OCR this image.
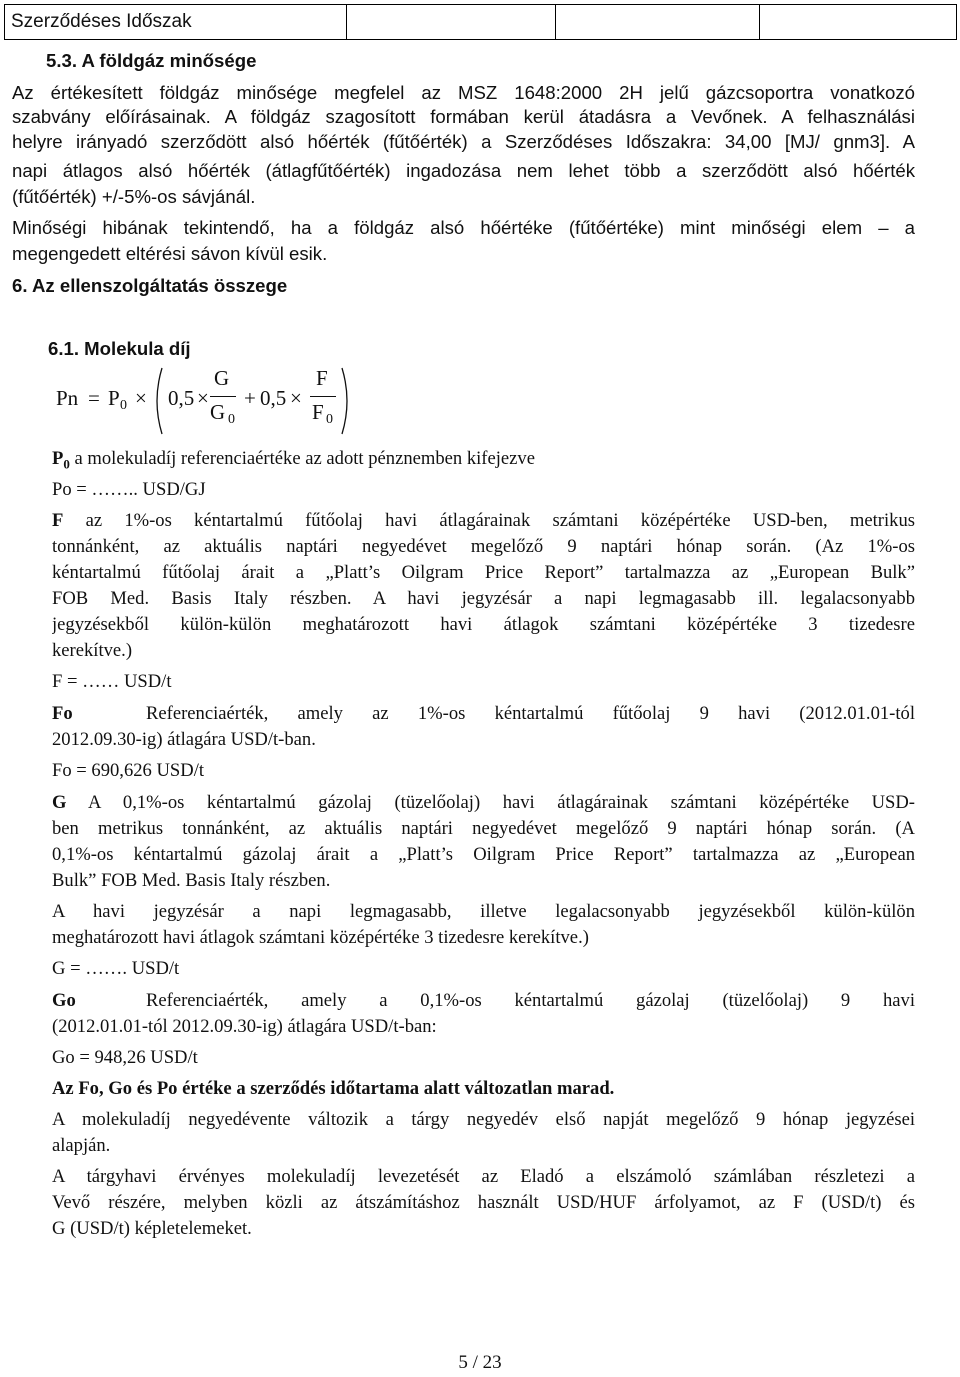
Szerződéses Időszak			
5.3. A földgáz minősége
Az értékesített földgáz minősége megfelel az MSZ 1648:2000 2H jelű gázcsoportra vonatkozó
szabvány előírásainak. A földgáz szagosított formában kerül átadásra a Vevőnek. A felhasználási
helyre irányadó szerződött alsó hőérték (fűtőérték) a Szerződéses Időszakra: 34,00 [MJ/ gnm3]. A
napi átlagos alsó hőérték (átlagfűtőérték) ingadozása nem lehet több a szerződött alsó hőérték
(fűtőérték) +/-5%-os sávjánál.
Minőségi hibának tekintendő, ha a földgáz alsó hőértéke (fűtőértéke) mint minőségi elem – a
megengedett eltérési sávon kívül esik.
6. Az ellenszolgáltatás összege
6.1. Molekula díj
Pn = P 0 × 0,5 ×
G
G 0
+ 0,5 ×
F
F 0
$P_0$ a molekuladíj referenciaértéke az adott pénznemben kifejezve
Po = …….. USD/GJ
F az 1%-os kéntartalmú fűtőolaj havi átlagárainak számtani középértéke USD-ben, metrikus
tonnánként, az aktuális naptári negyedévet megelőző 9 naptári hónap során. (Az 1%-os
kéntartalmú fűtőolaj árait a „Platt’s Oilgram Price Report” tartalmazza az „European Bulk”
FOB Med. Basis Italy részben. A havi jegyzésár a napi legmagasabb ill. legalacsonyabb
jegyzésekből külön-külön meghatározott havi átlagok számtani középértéke 3 tizedesre
kerekítve.)
F = …… USD/t
Fo	Referenciaérték, amely az 1%-os kéntartalmú fűtőolaj 9 havi (2012.01.01-tól
2012.09.30-ig) átlagára USD/t-ban.
Fo = 690,626 USD/t
G A 0,1%-os kéntartalmú gázolaj (tüzelőolaj) havi átlagárainak számtani középértéke USD-
ben metrikus tonnánként, az aktuális naptári negyedévet megelőző 9 naptári hónap során. (A
0,1%-os kéntartalmú gázolaj árait a „Platt’s Oilgram Price Report” tartalmazza az „European
Bulk” FOB Med. Basis Italy részben.
A havi jegyzésár a napi legmagasabb, illetve legalacsonyabb jegyzésekből külön-külön
meghatározott havi átlagok számtani középértéke 3 tizedesre kerekítve.)
G = ……. USD/t
Go	Referenciaérték, amely a 0,1%-os kéntartalmú gázolaj (tüzelőolaj) 9 havi
(2012.01.01-tól 2012.09.30-ig) átlagára USD/t-ban:
Go = 948,26 USD/t
Az Fo, Go és Po értéke a szerződés időtartama alatt változatlan marad.
A molekuladíj negyedévente változik a tárgy negyedév első napját megelőző 9 hónap jegyzései
alapján.
A tárgyhavi érvényes molekuladíj levezetését az Eladó a elszámoló számlában részletezi a
Vevő részére, melyben közli az átszámításhoz használt USD/HUF árfolyamot, az F (USD/t) és
G (USD/t) képletelemeket.
5 / 23
